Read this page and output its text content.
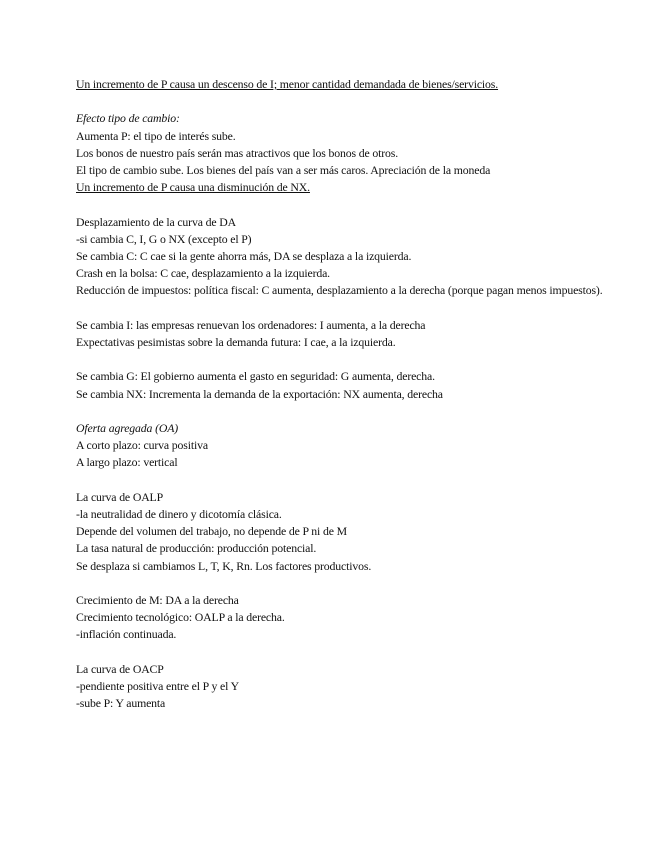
Un incremento de P causa un descenso de I; menor cantidad demandada de bienes/servicios.
Efecto tipo de cambio:
Aumenta P: el tipo de interés sube.
Los bonos de nuestro país serán mas atractivos que los bonos de otros.
El tipo de cambio sube. Los bienes del país van a ser más caros. Apreciación de la moneda
Un incremento de P causa una disminución de NX.
Desplazamiento de la curva de DA
-si cambia C, I, G o NX (excepto el P)
Se cambia C: C cae si la gente ahorra más, DA se desplaza a la izquierda.
Crash en la bolsa: C cae, desplazamiento a la izquierda.
Reducción de impuestos: política fiscal: C aumenta, desplazamiento a la derecha (porque pagan menos impuestos).
Se cambia I: las empresas renuevan los ordenadores: I aumenta, a la derecha
Expectativas pesimistas sobre la demanda futura: I cae, a la izquierda.
Se cambia G: El gobierno aumenta el gasto en seguridad: G aumenta, derecha.
Se cambia NX: Incrementa la demanda de la exportación: NX aumenta, derecha
Oferta agregada (OA)
A corto plazo: curva positiva
A largo plazo: vertical
La curva de OALP
-la neutralidad de dinero y dicotomía clásica.
Depende del volumen del trabajo, no depende de P ni de M
La tasa natural de producción: producción potencial.
Se desplaza si cambiamos L, T, K, Rn. Los factores productivos.
Crecimiento de M: DA a la derecha
Crecimiento tecnológico: OALP a la derecha.
-inflación continuada.
La curva de OACP
-pendiente positiva entre el P y el Y
-sube P: Y aumenta
